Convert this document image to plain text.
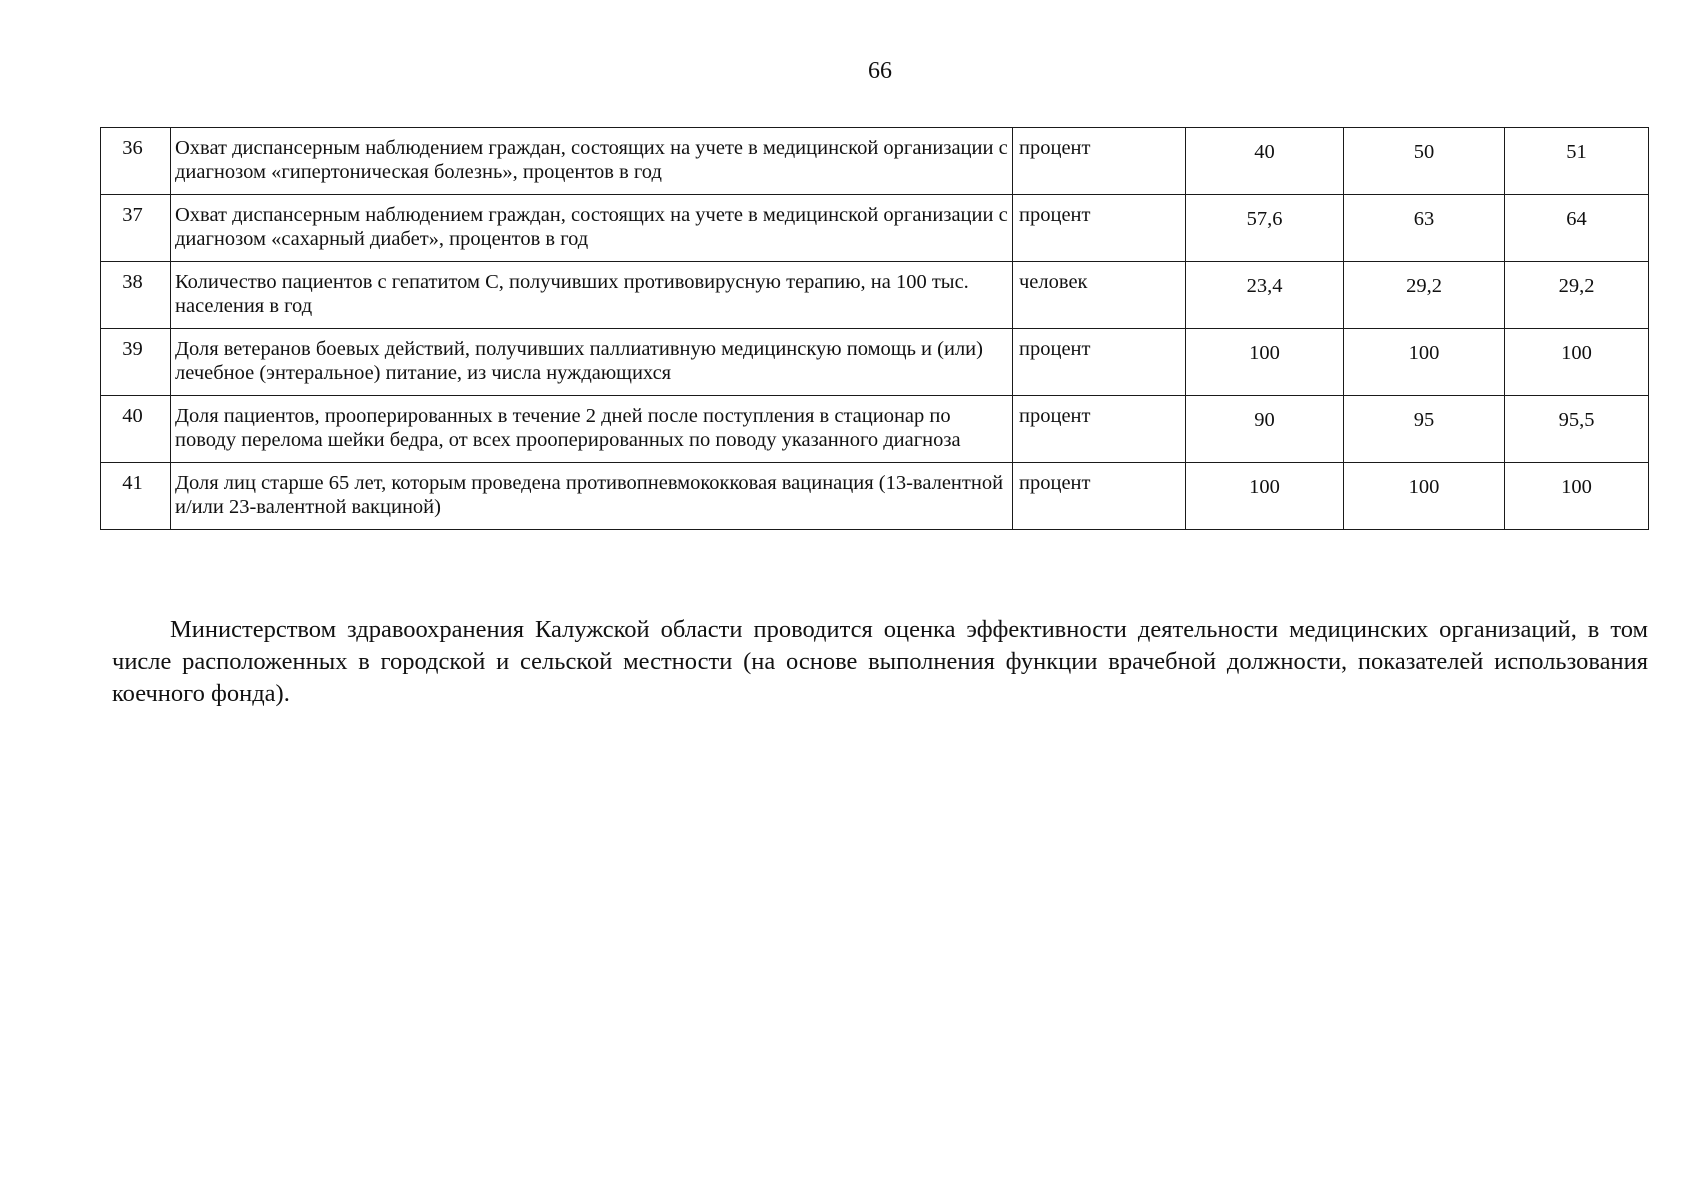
66
36	Охват диспансерным наблюдением граждан, состоящих на учете в медицинской организации с диагнозом «гипертоническая болезнь», процентов в год	процент	40	50	51
37	Охват диспансерным наблюдением граждан, состоящих на учете в медицинской организации с диагнозом «сахарный диабет», процентов в год	процент	57,6	63	64
38	Количество пациентов с гепатитом С, получивших противовирусную терапию, на 100 тыс. населения в год	человек	23,4	29,2	29,2
39	Доля ветеранов боевых действий, получивших паллиативную медицинскую помощь и (или) лечебное (энтеральное) питание, из числа нуждающихся	процент	100	100	100
40	Доля пациентов, прооперированных в течение 2 дней после поступления в стационар по поводу перелома шейки бедра, от всех прооперированных по поводу указанного диагноза	процент	90	95	95,5
41	Доля лиц старше 65 лет, которым проведена противопневмококковая вацинация (13-валентной и/или 23-валентной вакциной)	процент	100	100	100

Министерством здравоохранения Калужской области проводится оценка эффективности деятельности медицинских организаций, в том числе расположенных в городской и сельской местности (на основе выполнения функции врачебной должности, показателей использования коечного фонда).
